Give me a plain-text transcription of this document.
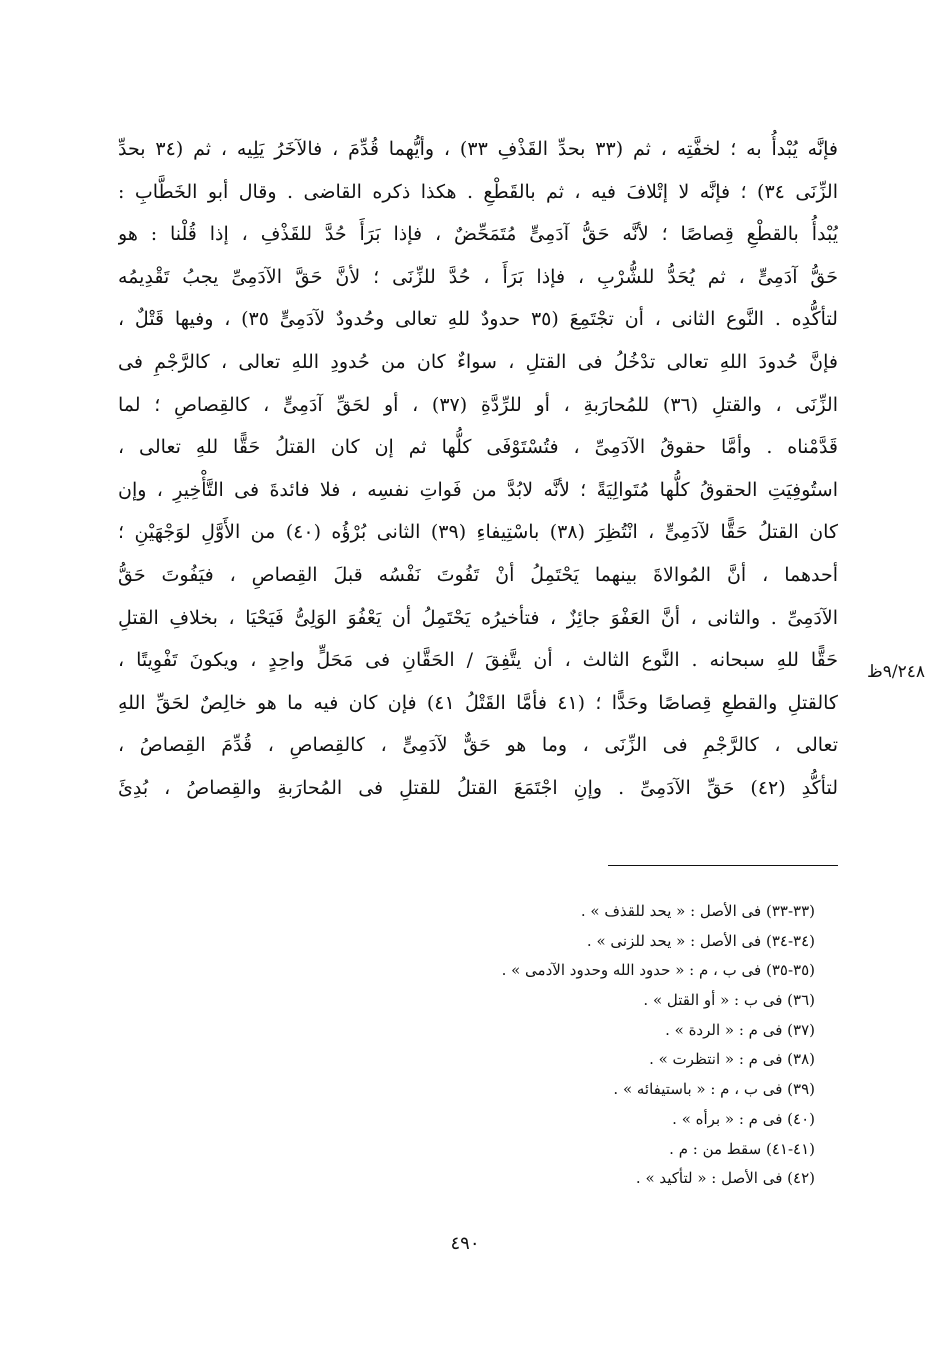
فإنَّه يُبْدأُ به ؛ لخفَّتِه ، ثم (٣٣ بحدِّ القَذْفِ ٣٣) ، وأيُّهما قُدِّمَ ، فالآخَرُ يَلِيه ، ثم (٣٤ بحدِّ
الزِّنَى ٣٤) ؛ فإنَّه لا إتْلافَ فيه ، ثم بالقَطْعِ . هكذا ذكره القاضى . وقال أبو الخَطَّابِ :
يُبْدأُ بالقطْعِ قِصاصًا ؛ لأنَّه حَقُّ آدَمِىٍّ مُتَمَحِّضٌ ، فإذا بَرَأَ حُدَّ للقَذْفِ ، إذا قُلْنا : هو
حَقُّ آدَمِىٍّ ، ثم يُحَدُّ للشُّرْبِ ، فإذا بَرَأَ ، حُدَّ للزِّنَى ؛ لأنَّ حَقَّ الآدَمِىِّ يجبُ تَقْدِيمُه
لتأكُّدِه . النَّوع الثانى ، أن تجْتَمِعَ (٣٥ حدودٌ للهِ تعالى وحُدودٌ لآدَمِىٍّ ٣٥) ، وفيها قَتْلٌ ،
فإنَّ حُدودَ اللهِ تعالى تدْخُلُ فى القتلِ ، سواءٌ كان من حُدودِ اللهِ تعالى ، كالرَّجْمِ فى
الزِّنَى ، والقتلِ (٣٦) للمُحارَبةِ ، أو للرِّدَّةِ (٣٧) ، أو لحَقِّ آدَمِىٍّ ، كالقِصاصِ ؛ لما
قَدَّمْناه . وأمَّا حقوقُ الآدَمِىِّ ، فتُسْتَوْفَى كلُّها ثم إن كان القتلُ حَقًّا للهِ تعالى ،
استُوفِيَتِ الحقوقُ كلُّها مُتَوالِيَةً ؛ لأنَّه لابُدَّ من فَواتِ نفسِه ، فلا فائدةَ فى التَّأْخِيرِ ، وإن
كان القتلُ حَقًّا لآدَمِىٍّ ، انْتُظِرَ (٣٨) باسْتِيفاءِ (٣٩) الثانى بُرْؤُه (٤٠) من الأَوَّلِ لوَجْهَيْنِ ؛
أحدهما ، أنَّ المُوالاةَ بينهما يَحْتَمِلُ أنْ تَفُوتَ نَفْسُه قبلَ القِصاصِ ، فيَفُوتَ حَقُّ
الآدَمِىِّ . والثانى ، أنَّ العَفْوَ جائِزٌ ، فتأخيرُه يَحْتَمِلُ أن يَعْفُوَ الوَلِىُّ فَيَحْيَا ، بخلافِ القتلِ
حَقًّا للهِ سبحانه . النَّوع الثالث ، أن يتَّفِقَ / الحَقَّانِ فى مَحَلٍّ واحِدٍ ، ويكونَ تَفْوِيتًا ،
كالقتلِ والقطعِ قِصاصًا وحَدًّا ؛ (٤١ فأمَّا القَتْلُ ٤١) فإن كان فيه ما هو خالِصٌ لحَقِّ اللهِ
تعالى ، كالرَّجْمِ فى الزِّنَى ، وما هو حَقٌّ لآدَمِىٍّ ، كالقِصاصِ ، قُدِّمَ القِصاصُ ،
لتأكُّدِ (٤٢) حَقِّ الآدَمِىِّ . وإنِ اجْتَمَعَ القتلُ للقتلِ فى المُحارَبةِ والقِصاصُ ، بُدِئَ
٩/٢٤٨ظ
(٣٣-٣٣) فى الأصل : « يحد للقذف » .
(٣٤-٣٤) فى الأصل : « يحد للزنى » .
(٣٥-٣٥) فى ب ، م : « حدود الله وحدود الآدمى » .
(٣٦) فى ب : « أو القتل » .
(٣٧) فى م : « الردة » .
(٣٨) فى م : « انتظرت » .
(٣٩) فى ب ، م : « باستيفائه » .
(٤٠) فى م : « برأه » .
(٤١-٤١) سقط من : م .
(٤٢) فى الأصل : « لتأكيد » .
٤٩٠
